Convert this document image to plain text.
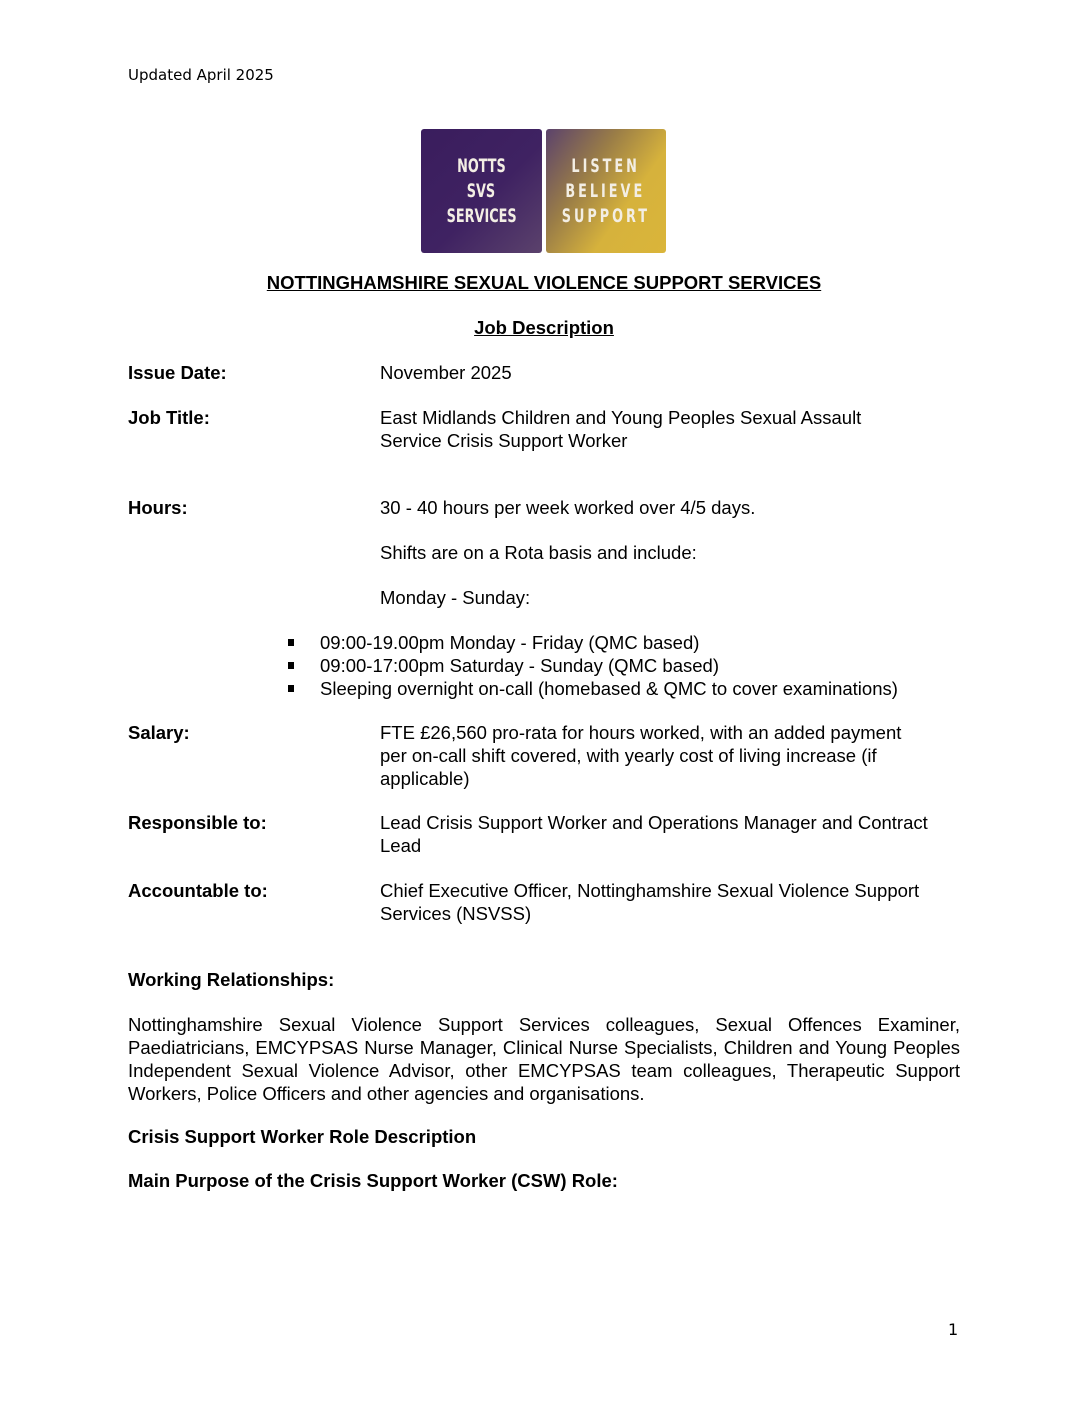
Updated April 2025
NOTTS
SVS
SERVICES
LISTEN
BELIEVE
SUPPORT
NOTTINGHAMSHIRE SEXUAL VIOLENCE SUPPORT SERVICES
Job Description
Issue Date:	November 2025
Job Title:	East Midlands Children and Young Peoples Sexual Assault
Service Crisis Support Worker
Hours:	30 - 40 hours per week worked over 4/5 days.
Shifts are on a Rota basis and include:
Monday - Sunday:
09:00-19.00pm Monday - Friday (QMC based)
09:00-17:00pm Saturday - Sunday (QMC based)
Sleeping overnight on-call (homebased & QMC to cover examinations)
Salary:	FTE £26,560 pro-rata for hours worked, with an added payment
per on-call shift covered, with yearly cost of living increase (if
applicable)
Responsible to:	Lead Crisis Support Worker and Operations Manager and Contract
Lead
Accountable to:	Chief Executive Officer, Nottinghamshire Sexual Violence Support
Services (NSVSS)
Working Relationships:
Nottinghamshire Sexual Violence Support Services colleagues, Sexual Offences Examiner, Paediatricians, EMCYPSAS Nurse Manager, Clinical Nurse Specialists, Children and Young Peoples Independent Sexual Violence Advisor, other EMCYPSAS team colleagues, Therapeutic Support Workers, Police Officers and other agencies and organisations.
Crisis Support Worker Role Description
Main Purpose of the Crisis Support Worker (CSW) Role:
1
